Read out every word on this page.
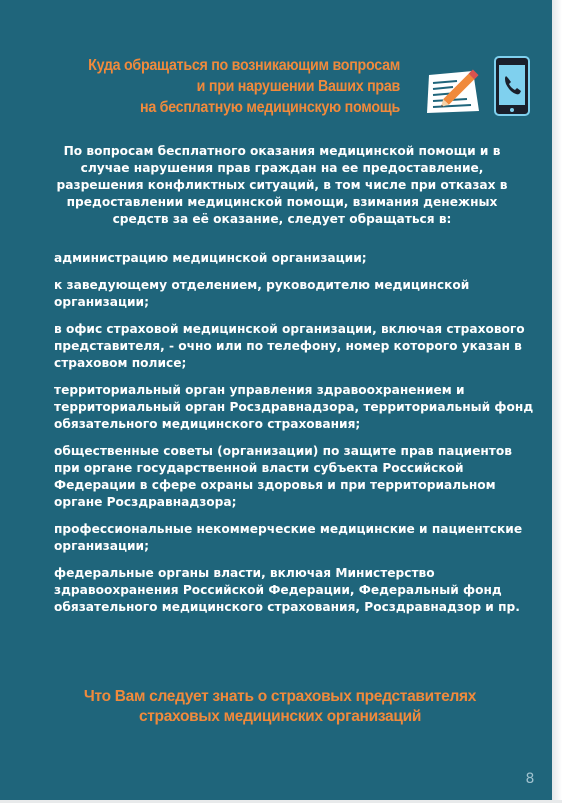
Куда обращаться по возникающим вопросам
и при нарушении Ваших прав
на бесплатную медицинскую помощь
По вопросам бесплатного оказания медицинской помощи и в случае нарушения прав граждан на ее предоставление, разрешения конфликтных ситуаций, в том числе при отказах в предоставлении медицинской помощи, взимания денежных средств за её оказание, следует обращаться в:
администрацию медицинской организации;
к заведующему отделением, руководителю медицинской организации;
в офис страховой медицинской организации, включая страхового представителя, - очно или по телефону, номер которого указан в страховом полисе;
территориальный орган управления здравоохранением и территориальный орган Росздравнадзора, территориальный фонд обязательного медицинского страхования;
общественные советы (организации) по защите прав пациентов при органе государственной власти субъекта Российской Федерации в сфере охраны здоровья и при территориальном органе Росздравнадзора;
профессиональные некоммерческие медицинские и пациентские организации;
федеральные органы власти, включая Министерство здравоохранения Российской Федерации, Федеральный фонд обязательного медицинского страхования, Росздравнадзор и пр.
Что Вам следует знать о страховых представителях
страховых медицинских организаций
8
